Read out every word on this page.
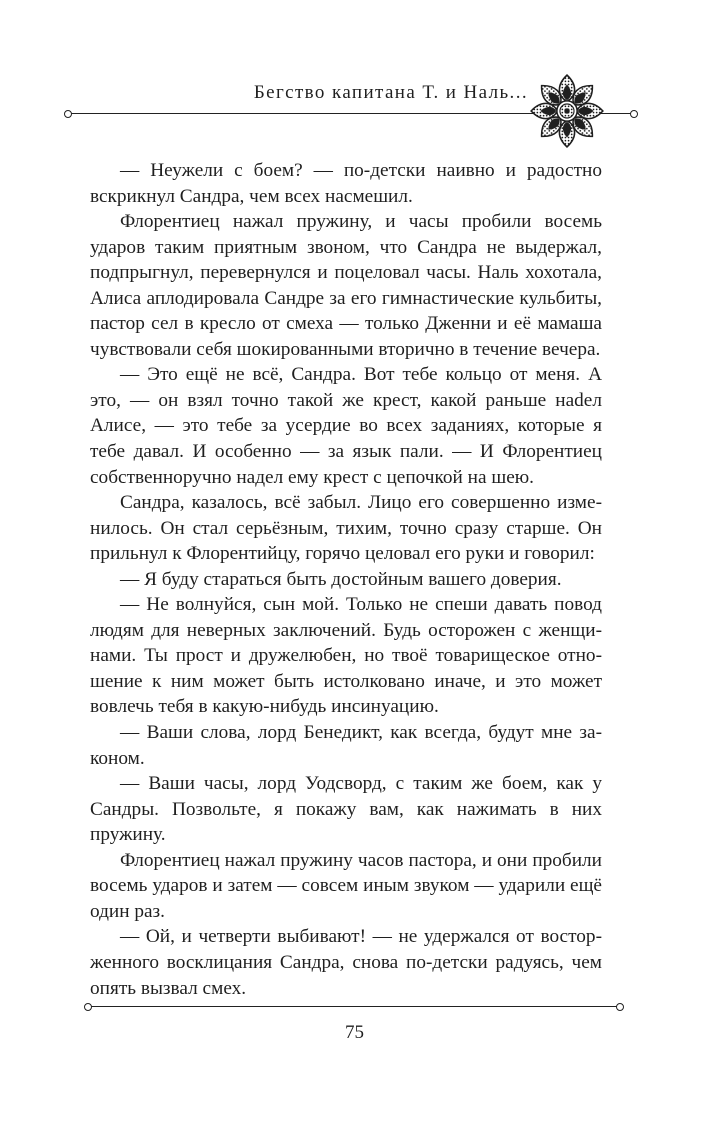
Бегство капитана Т. и Наль...

— Неужели с боем? — по-детски наивно и радостно вскрикнул Сандра, чем всех насмешил.

Флорентиец нажал пружину, и часы пробили восемь ударов таким приятным звоном, что Сандра не выдержал, подпрыгнул, перевернулся и поцеловал часы. Наль хохотала, Алиса аплодировала Сандре за его гимнастические кульбиты, пастор сел в кресло от смеха — только Дженни и её мамаша чувствовали себя шокированными вторично в течение вечера.

— Это ещё не всё, Сандра. Вот тебе кольцо от меня. А это, — он взял точно такой же крест, какой раньше наdел Алисе, — это тебе за усердие во всех заданиях, которые я тебе давал. И особенно — за язык пали. — И Флорентиец собственноручно надел ему крест с цепочкой на шею.

Сандра, казалось, всё забыл. Лицо его совершенно изменилось. Он стал серьёзным, тихим, точно сразу старше. Он прильнул к Флорентийцу, горячо целовал его руки и говорил:

— Я буду стараться быть достойным вашего доверия.

— Не волнуйся, сын мой. Только не спеши давать повод людям для неверных заключений. Будь осторожен с женщинами. Ты прост и дружелюбен, но твоё товарищеское отношение к ним может быть истолковано иначе, и это может вовлечь тебя в какую-нибудь инсинуацию.

— Ваши слова, лорд Бенедикт, как всегда, будут мне законом.

— Ваши часы, лорд Уодсворд, с таким же боем, как у Сандры. Позвольте, я покажу вам, как нажимать в них пружину.

Флорентиец нажал пружину часов пастора, и они пробили восемь ударов и затем — совсем иным звуком — ударили ещё один раз.

— Ой, и четверти выбивают! — не удержался от восторженного восклицания Сандра, снова по-детски радуясь, чем опять вызвал смех.

75
